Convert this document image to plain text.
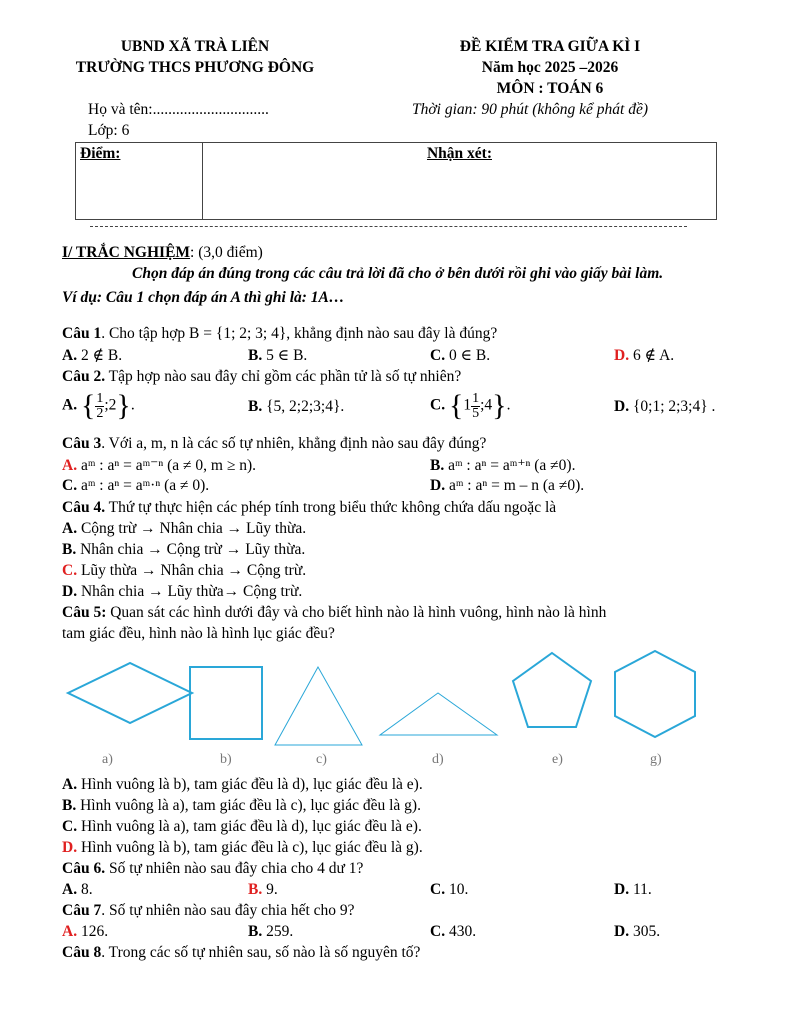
UBND XÃ TRÀ LIÊN
TRƯỜNG THCS PHƯƠNG ĐÔNG
ĐỀ KIỂM TRA GIỮA KÌ I
Năm học 2025 –2026
MÔN : TOÁN 6
Họ và tên:..............................	Thời gian: 90 phút (không kể phát đề)
Lớp: 6
Điểm:	Nhận xét:
I/ TRẮC NGHIỆM: (3,0 điểm)
Chọn đáp án đúng trong các câu trả lời đã cho ở bên dưới rồi ghi vào giấy bài làm.
Ví dụ: Câu 1 chọn đáp án A thì ghi là: 1A…
Câu 1. Cho tập hợp B = {1; 2; 3; 4}, khẳng định nào sau đây là đúng?
A. 2 ∉ B.	B. 5 ∈ B.	C. 0 ∈ B.	D. 6 ∉ A.
Câu 2. Tập hợp nào sau đây chỉ gồm các phần tử là số tự nhiên?
A. { $\frac{1}{2}$ ;2}.	B. {5, 2;2;3;4}.	C. {$1 \frac{1}{5}$ ;4}.	D. {0;1; 2;3;4} .
Câu 3. Với a, m, n là các số tự nhiên, khẳng định nào sau đây đúng?
A. aᵐ : aⁿ = aᵐ⁻ⁿ (a ≠ 0, m ≥ n).	B. aᵐ : aⁿ = aᵐ⁺ⁿ (a ≠0).
C. aᵐ : aⁿ = aᵐ·ⁿ (a ≠ 0).	D. aᵐ : aⁿ = m – n (a ≠0).
Câu 4. Thứ tự thực hiện các phép tính trong biểu thức không chứa dấu ngoặc là
A. Cộng trừ → Nhân chia → Lũy thừa.
B. Nhân chia → Cộng trừ → Lũy thừa.
C. Lũy thừa → Nhân chia → Cộng trừ.
D. Nhân chia → Lũy thừa→ Cộng trừ.
Câu 5: Quan sát các hình dưới đây và cho biết hình nào là hình vuông, hình nào là hình
tam giác đều, hình nào là hình lục giác đều?
a)	b)	c)	d)	e)	g)
A. Hình vuông là b), tam giác đều là d), lục giác đều là e).
B. Hình vuông là a), tam giác đều là c), lục giác đều là g).
C. Hình vuông là a), tam giác đều là d), lục giác đều là e).
D. Hình vuông là b), tam giác đều là c), lục giác đều là g).
Câu 6. Số tự nhiên nào sau đây chia cho 4 dư 1?
A. 8.	B. 9.	C. 10.	D. 11.
Câu 7. Số tự nhiên nào sau đây chia hết cho 9?
A. 126.	B. 259.	C. 430.	D. 305.
Câu 8. Trong các số tự nhiên sau, số nào là số nguyên tố?
